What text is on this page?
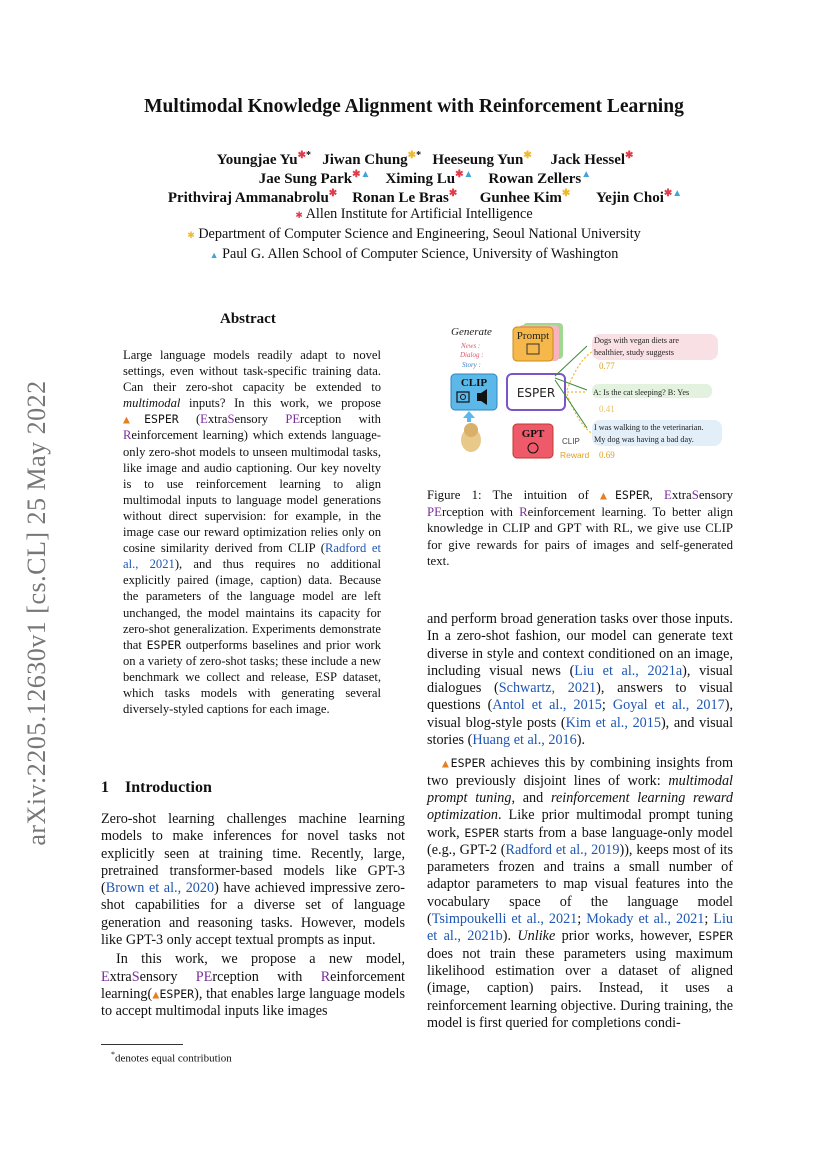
arXiv:2205.12630v1 [cs.CL] 25 May 2022
Multimodal Knowledge Alignment with Reinforcement Learning
Youngjae Yu✱* Jiwan Chung✱* Heeseung Yun✱ Jack Hessel✱
Jae Sung Park✱▲ Ximing Lu✱▲ Rowan Zellers▲
Prithviraj Ammanabrolu✱ Ronan Le Bras✱ Gunhee Kim✱ Yejin Choi✱▲
✱ Allen Institute for Artificial Intelligence
✱ Department of Computer Science and Engineering, Seoul National University
▲ Paul G. Allen School of Computer Science, University of Washington
Abstract
Large language models readily adapt to novel settings, even without task-specific training data. Can their zero-shot capacity be extended to multimodal inputs? In this work, we propose ▲ESPER (ExtraSensory PErception with Reinforcement learning) which extends language-only zero-shot models to unseen multimodal tasks, like image and audio captioning. Our key novelty is to use reinforcement learning to align multimodal inputs to language model generations without direct supervision: for example, in the image case our reward optimization relies only on cosine similarity derived from CLIP (Radford et al., 2021), and thus requires no additional explicitly paired (image, caption) data. Because the parameters of the language model are left unchanged, the model maintains its capacity for zero-shot generalization. Experiments demonstrate that ESPER outperforms baselines and prior work on a variety of zero-shot tasks; these include a new benchmark we collect and release, ESP dataset, which tasks models with generating several diversely-styled captions for each image.
1 Introduction

Zero-shot learning challenges machine learning models to make inferences for novel tasks not explicitly seen at training time. Recently, large, pretrained transformer-based models like GPT-3 (Brown et al., 2020) have achieved impressive zero-shot capabilities for a diverse set of language generation and reasoning tasks. However, models like GPT-3 only accept textual prompts as input.

In this work, we propose a new model, ExtraSensory PErception with Reinforcement learning(▲ESPER), that enables large language models to accept multimodal inputs like images

*denotes equal contribution
Generate
News :
Dialog :
Story :
Prompt
CLIP
ESPER
GPT
Dogs with vegan diets are healthier, study suggests
0.77
A: Is the cat sleeping? B: Yes
0.41
I was walking to the veterinarian. My dog was having a bad day.
CLIP
Reward 0.69
Figure 1: The intuition of ▲ESPER, ExtraSensory PErception with Reinforcement learning. To better align knowledge in CLIP and GPT with RL, we give use CLIP for give rewards for pairs of images and self-generated text.

and perform broad generation tasks over those inputs. In a zero-shot fashion, our model can generate text diverse in style and context conditioned on an image, including visual news (Liu et al., 2021a), visual dialogues (Schwartz, 2021), answers to visual questions (Antol et al., 2015; Goyal et al., 2017), visual blog-style posts (Kim et al., 2015), and visual stories (Huang et al., 2016).

▲ESPER achieves this by combining insights from two previously disjoint lines of work: multimodal prompt tuning, and reinforcement learning reward optimization. Like prior multimodal prompt tuning work, ESPER starts from a base language-only model (e.g., GPT-2 (Radford et al., 2019)), keeps most of its parameters frozen and trains a small number of adaptor parameters to map visual features into the vocabulary space of the language model (Tsimpoukelli et al., 2021; Mokady et al., 2021; Liu et al., 2021b). Unlike prior works, however, ESPER does not train these parameters using maximum likelihood estimation over a dataset of aligned (image, caption) pairs. Instead, it uses a reinforcement learning objective. During training, the model is first queried for completions condi-
